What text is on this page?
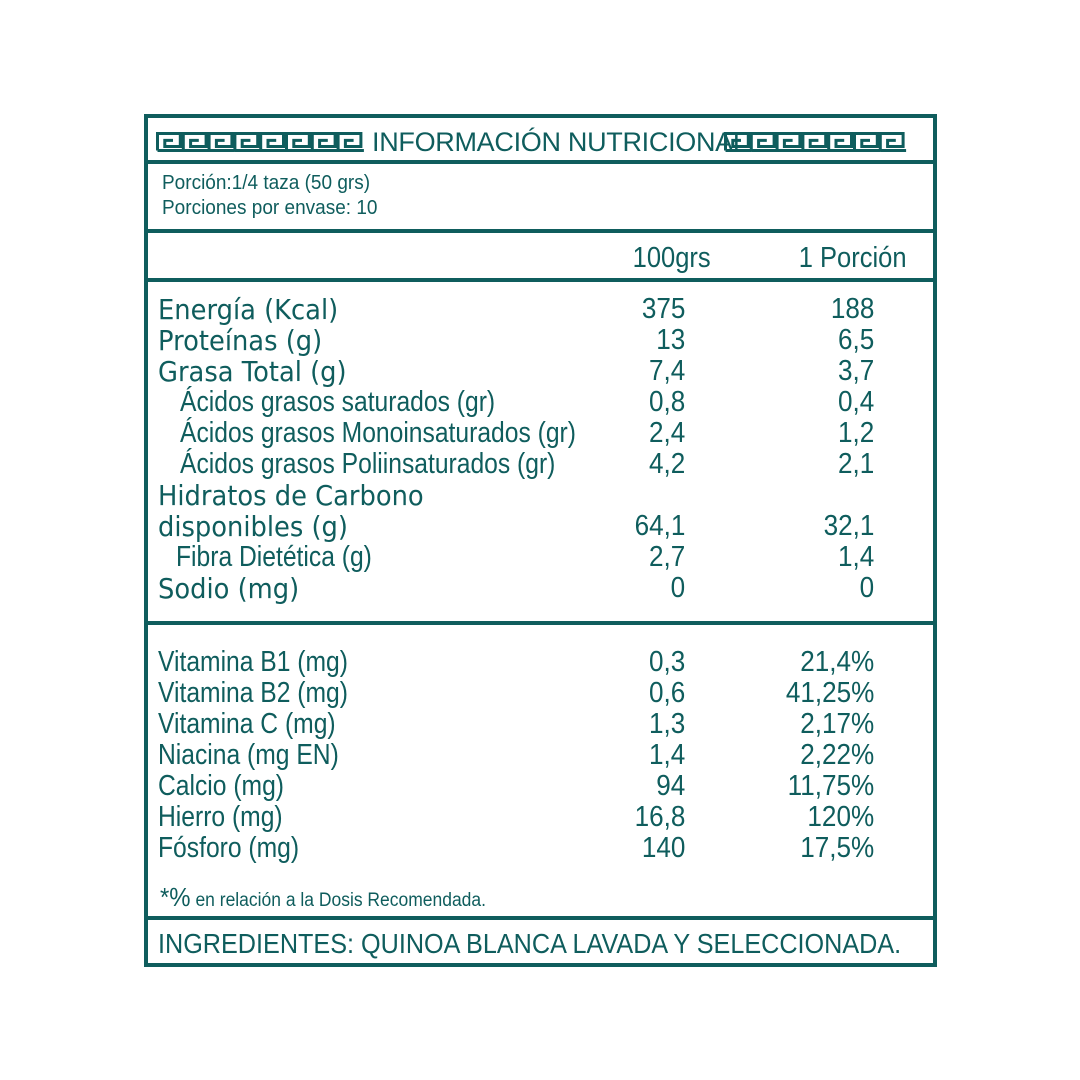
INFORMACIÓN NUTRICIONAL
Porción:1/4 taza (50 grs)
Porciones por envase: 10
100grs	1 Porción
Energía (Kcal)	375	188
Proteínas (g)	13	6,5
Grasa Total (g)	7,4	3,7
Ácidos grasos saturados (gr)	0,8	0,4
Ácidos grasos Monoinsaturados (gr)	2,4	1,2
Ácidos grasos Poliinsaturados (gr)	4,2	2,1
Hidratos de Carbono
disponibles (g)	64,1	32,1
Fibra Dietética (g)	2,7	1,4
Sodio (mg)	0	0
Vitamina B1 (mg)	0,3	21,4%
Vitamina B2 (mg)	0,6	41,25%
Vitamina C (mg)	1,3	2,17%
Niacina (mg EN)	1,4	2,22%
Calcio (mg)	94	11,75%
Hierro (mg)	16,8	120%
Fósforo (mg)	140	17,5%
*% en relación a la Dosis Recomendada.
INGREDIENTES: QUINOA BLANCA LAVADA Y SELECCIONADA.
